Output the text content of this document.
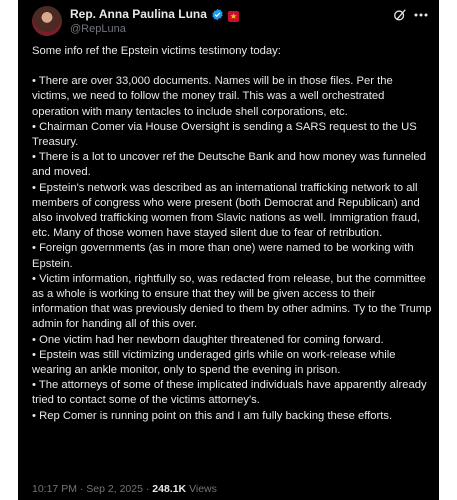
Rep. Anna Paulina Luna
@RepLuna

Some info ref the Epstein victims testimony today:

• There are over 33,000 documents. Names will be in those files. Per the victims, we need to follow the money trail. This was a well orchestrated operation with many tentacles to include shell corporations, etc.
• Chairman Comer via House Oversight is sending a SARS request to the US Treasury.
• There is a lot to uncover ref the Deutsche Bank and how money was funneled and moved.
• Epstein's network was described as an international trafficking network to all members of congress who were present (both Democrat and Republican) and also involved trafficking women from Slavic nations as well. Immigration fraud, etc. Many of those women have stayed silent due to fear of retribution.
• Foreign governments (as in more than one) were named to be working with Epstein.
• Victim information, rightfully so, was redacted from release, but the committee as a whole is working to ensure that they will be given access to their information that was previously denied to them by other admins. Ty to the Trump admin for handing all of this over.
• One victim had her newborn daughter threatened for coming forward.
• Epstein was still victimizing underaged girls while on work-release while wearing an ankle monitor, only to spend the evening in prison.
• The attorneys of some of these implicated individuals have apparently already tried to contact some of the victims attorney's.
• Rep Comer is running point on this and I am fully backing these efforts.
10:17 PM · Sep 2, 2025 · 248.1K Views
